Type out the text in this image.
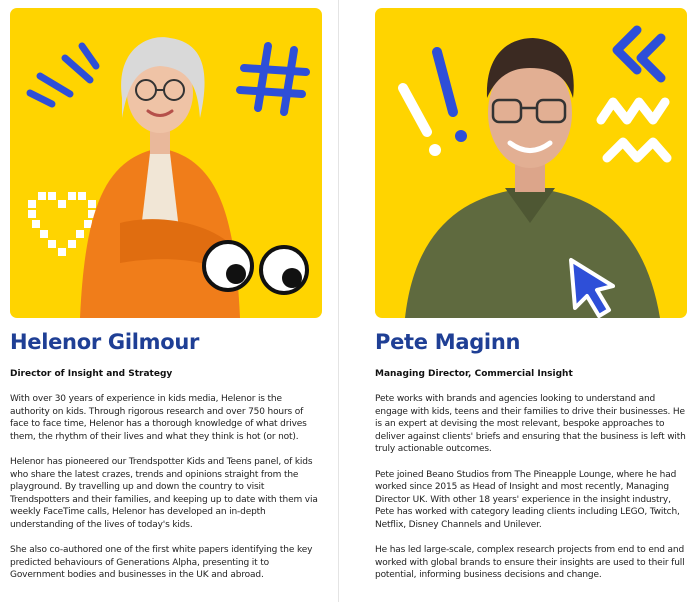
Helenor Gilmour
Director of Insight and Strategy

With over 30 years of experience in kids media, Helenor is the authority on kids. Through rigorous research and over 750 hours of face to face time, Helenor has a thorough knowledge of what drives them, the rhythm of their lives and what they think is hot (or not).

Helenor has pioneered our Trendspotter Kids and Teens panel, of kids who share the latest crazes, trends and opinions straight from the playground. By travelling up and down the country to visit Trendspotters and their families, and keeping up to date with them via weekly FaceTime calls, Helenor has developed an in-depth understanding of the lives of today's kids.

She also co-authored one of the first white papers identifying the key predicted behaviours of Generations Alpha, presenting it to Government bodies and businesses in the UK and abroad.

Pete Maginn
Managing Director, Commercial Insight

Pete works with brands and agencies looking to understand and engage with kids, teens and their families to drive their businesses. He is an expert at devising the most relevant, bespoke approaches to deliver against clients' briefs and ensuring that the business is left with truly actionable outcomes.

Pete joined Beano Studios from The Pineapple Lounge, where he had worked since 2015 as Head of Insight and most recently, Managing Director UK. With other 18 years' experience in the insight industry, Pete has worked with category leading clients including LEGO, Twitch, Netflix, Disney Channels and Unilever.

He has led large-scale, complex research projects from end to end and worked with global brands to ensure their insights are used to their full potential, informing business decisions and change.
